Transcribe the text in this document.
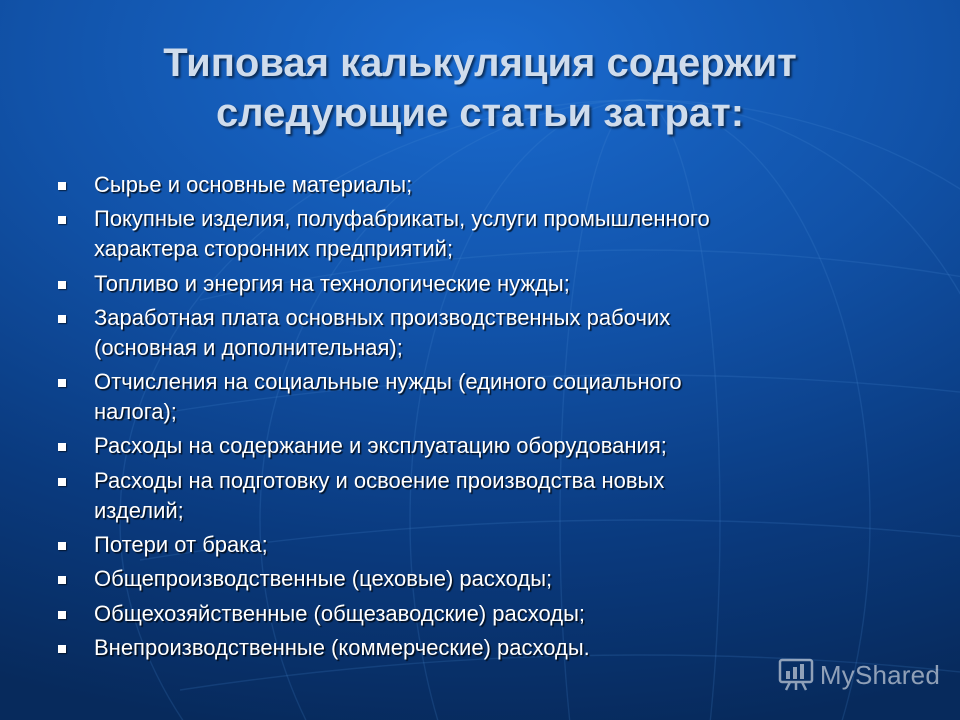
Типовая калькуляция содержит
следующие статьи затрат:
Сырье и основные материалы;
Покупные изделия, полуфабрикаты, услуги промышленного
характера сторонних предприятий;
Топливо и энергия на технологические нужды;
Заработная плата основных производственных рабочих
(основная и дополнительная);
Отчисления на социальные нужды (единого социального
налога);
Расходы на содержание и эксплуатацию оборудования;
Расходы на подготовку и освоение производства новых
изделий;
Потери от брака;
Общепроизводственные (цеховые) расходы;
Общехозяйственные (общезаводские) расходы;
Внепроизводственные (коммерческие) расходы.
MyShared
